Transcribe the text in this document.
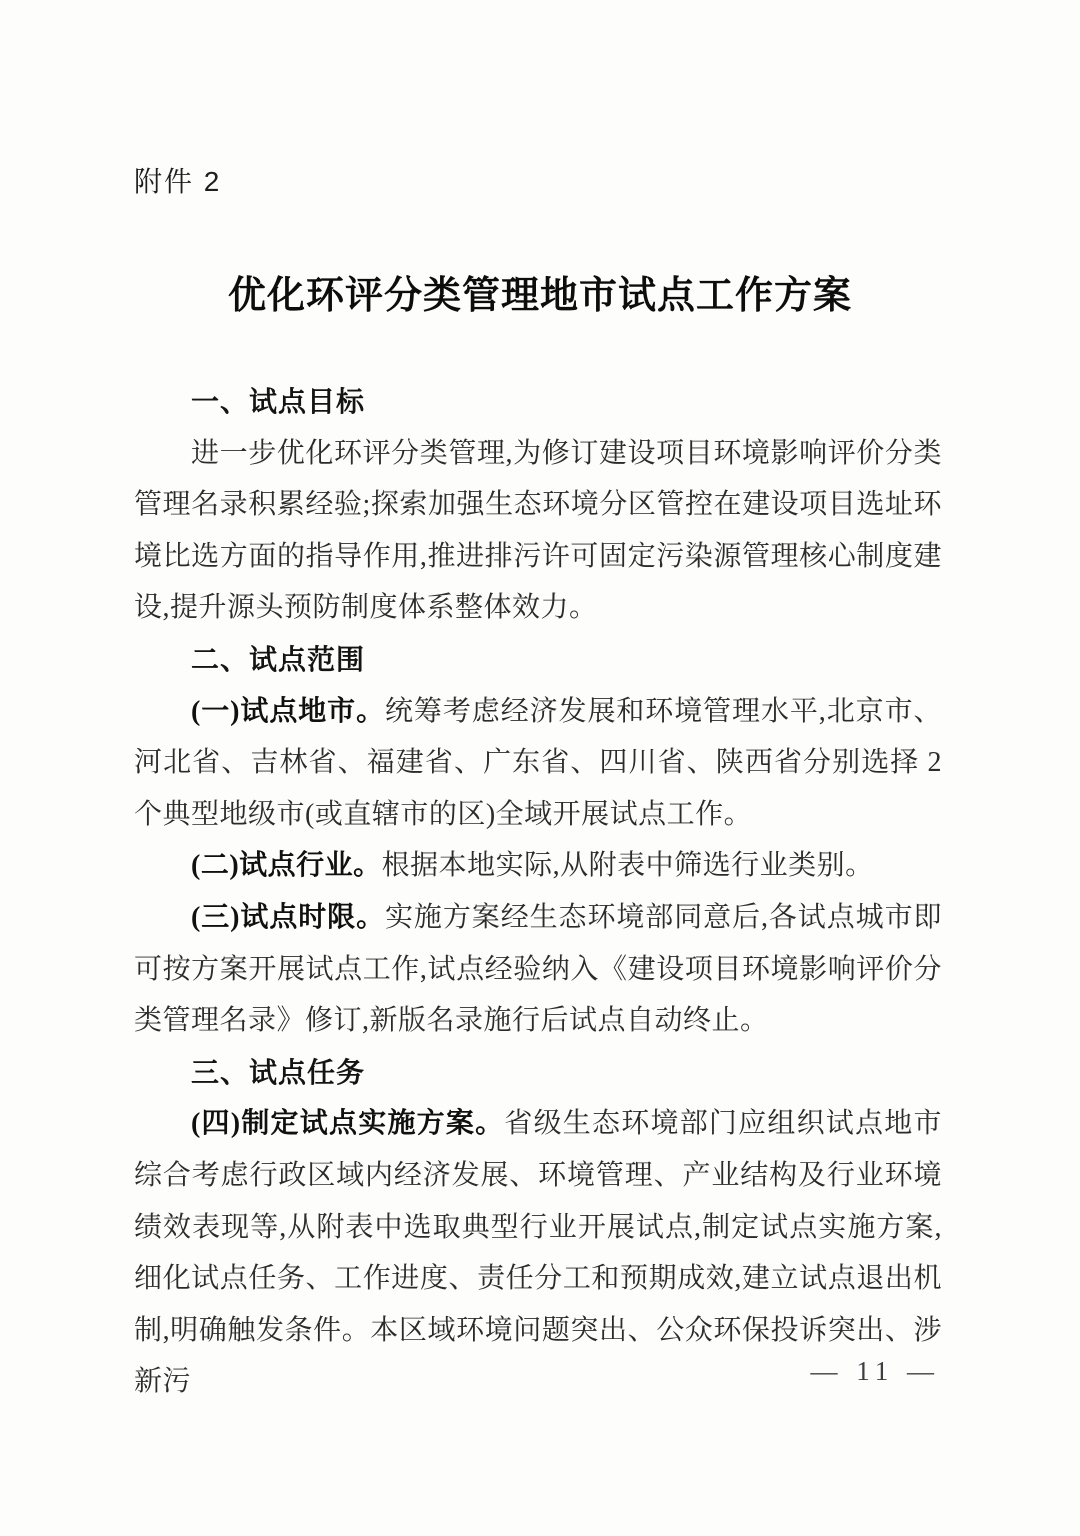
附件 2
优化环评分类管理地市试点工作方案
一、试点目标

进一步优化环评分类管理,为修订建设项目环境影响评价分类管理名录积累经验;探索加强生态环境分区管控在建设项目选址环境比选方面的指导作用,推进排污许可固定污染源管理核心制度建设,提升源头预防制度体系整体效力。

二、试点范围

(一)试点地市。统筹考虑经济发展和环境管理水平,北京市、河北省、吉林省、福建省、广东省、四川省、陕西省分别选择 2 个典型地级市(或直辖市的区)全域开展试点工作。

(二)试点行业。根据本地实际,从附表中筛选行业类别。

(三)试点时限。实施方案经生态环境部同意后,各试点城市即可按方案开展试点工作,试点经验纳入《建设项目环境影响评价分类管理名录》修订,新版名录施行后试点自动终止。

三、试点任务

(四)制定试点实施方案。省级生态环境部门应组织试点地市综合考虑行政区域内经济发展、环境管理、产业结构及行业环境绩效表现等,从附表中选取典型行业开展试点,制定试点实施方案,细化试点任务、工作进度、责任分工和预期成效,建立试点退出机制,明确触发条件。本区域环境问题突出、公众环保投诉突出、涉新污	— 11 —
